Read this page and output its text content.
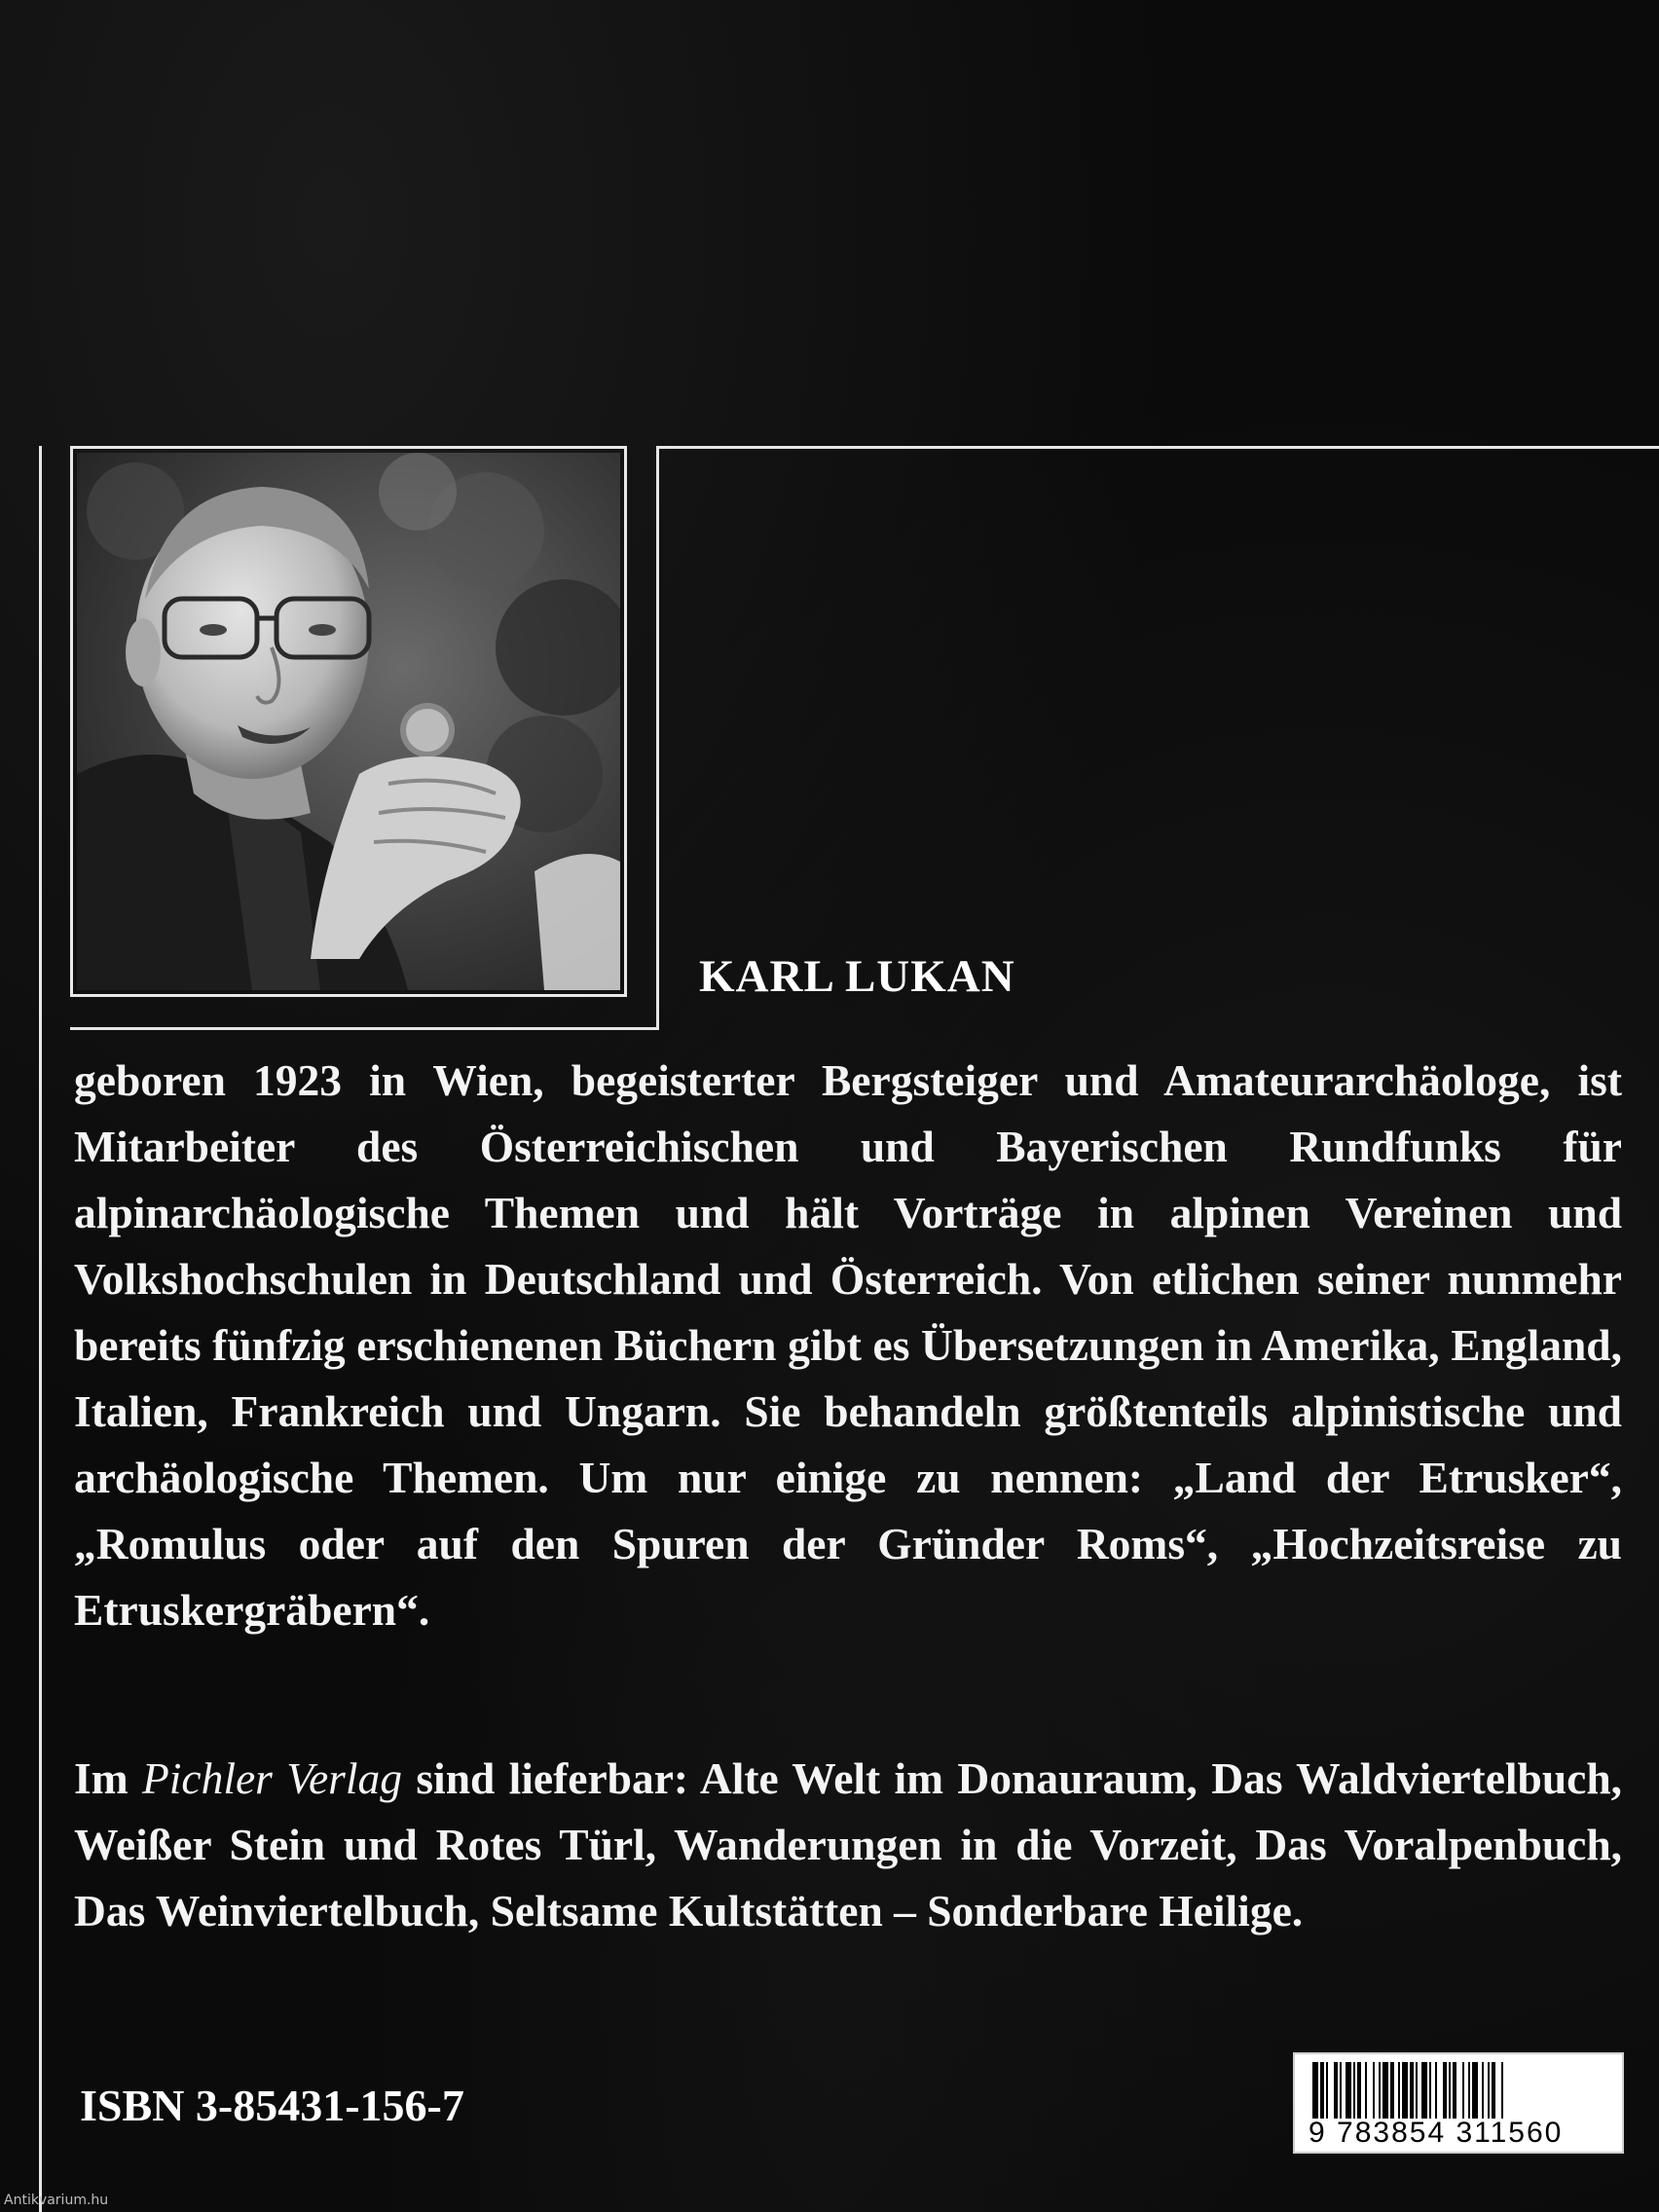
KARL LUKAN

geboren 1923 in Wien, begeisterter Bergsteiger und Amateurarchäologe, ist Mitarbeiter des Österreichischen und Bayerischen Rundfunks für alpinarchäologische Themen und hält Vorträge in alpinen Vereinen und Volkshochschulen in Deutschland und Österreich. Von etlichen seiner nunmehr bereits fünfzig erschienenen Büchern gibt es Übersetzungen in Amerika, England, Italien, Frankreich und Ungarn. Sie behandeln größtenteils alpinistische und archäologische Themen. Um nur einige zu nennen: „Land der Etrusker“, „Romulus oder auf den Spuren der Gründer Roms“, „Hochzeitsreise zu Etruskergräbern“.

Im Pichler Verlag sind lieferbar: Alte Welt im Donauraum, Das Waldviertelbuch, Weißer Stein und Rotes Türl, Wanderungen in die Vorzeit, Das Voralpenbuch, Das Weinviertelbuch, Seltsame Kultstätten – Sonderbare Heilige.

ISBN 3-85431-156-7
9 783854 311560
Antikvarium.hu
